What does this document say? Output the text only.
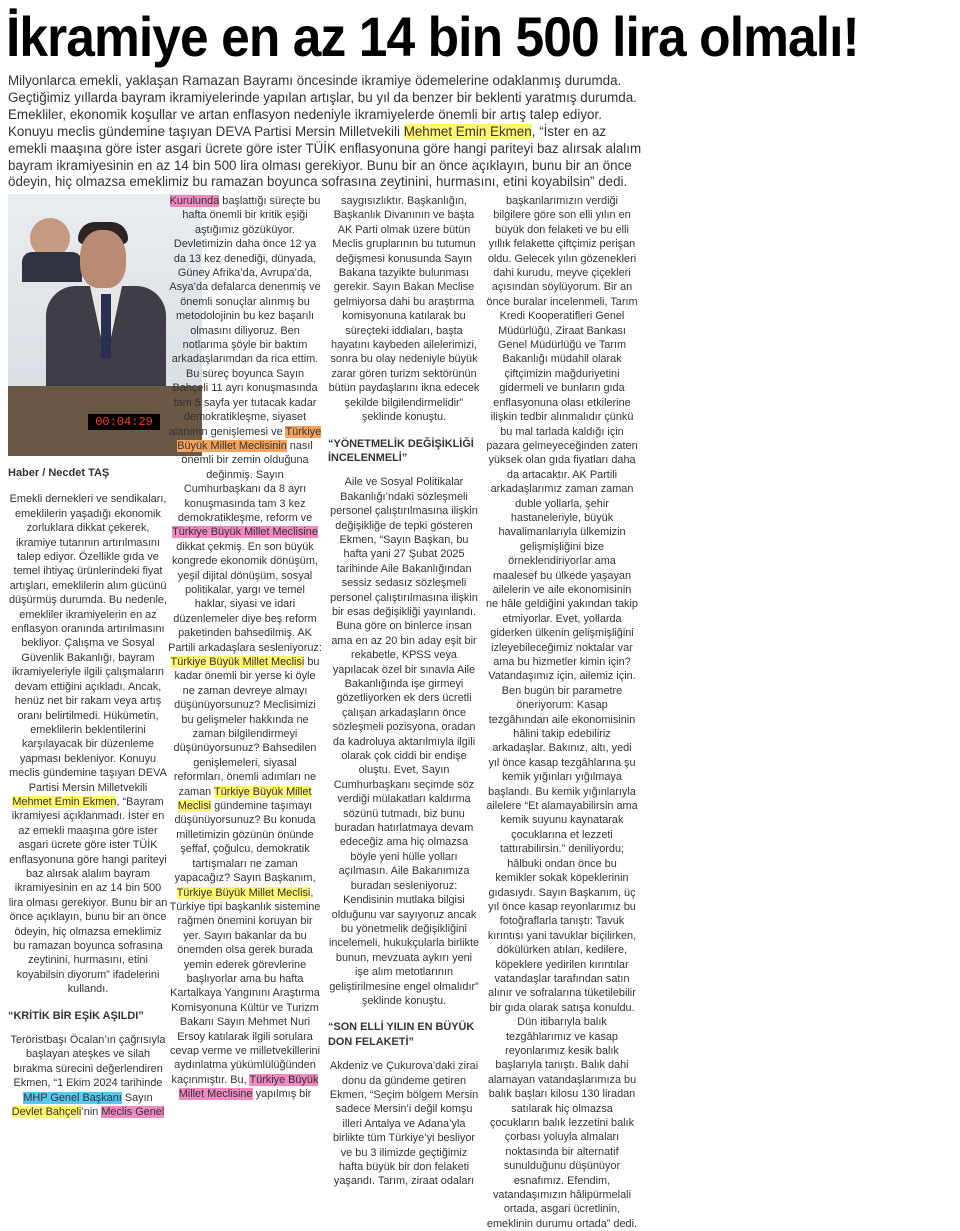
İkramiye en az 14 bin 500 lira olmalı!

Milyonlarca emekli, yaklaşan Ramazan Bayramı öncesinde ikramiye ödemelerine odaklanmış durumda. Geçtiğimiz yıllarda bayram ikramiyelerinde yapılan artışlar, bu yıl da benzer bir beklenti yaratmış durumda. Emekliler, ekonomik koşullar ve artan enflasyon nedeniyle ikramiyelerde önemli bir artış talep ediyor. Konuyu meclis gündemine taşıyan DEVA Partisi Mersin Milletvekili Mehmet Emin Ekmen, “İster en az emekli maaşına göre ister asgari ücrete göre ister TÜİK enflasyonuna göre hangi pariteyi baz alırsak alalım bayram ikramiyesinin en az 14 bin 500 lira olması gerekiyor. Bunu bir an önce açıklayın, bunu bir an önce ödeyin, hiç olmazsa emeklimiz bu ramazan boyunca sofrasına zeytinini, hurmasını, etini koyabilsin” dedi.

00:04:29

Haber / Necdet TAŞ

Emekli dernekleri ve sendikaları, emeklilerin yaşadığı ekonomik zorluklara dikkat çekerek, ikramiye tutarının artırılmasını talep ediyor. Özellikle gıda ve temel ihtiyaç ürünlerindeki fiyat artışları, emeklilerin alım gücünü düşürmüş durumda. Bu nedenle, emekliler ikramiyelerin en az enflasyon oranında artırılmasını bekliyor. Çalışma ve Sosyal Güvenlik Bakanlığı, bayram ikramiyeleriyle ilgili çalışmaların devam ettiğini açıkladı. Ancak, henüz net bir rakam veya artış oranı belirtilmedi. Hükümetin, emeklilerin beklentilerini karşılayacak bir düzenleme yapması bekleniyor. Konuyu meclis gündemine taşıyan DEVA Partisi Mersin Milletvekili Mehmet Emin Ekmen, “Bayram ikramiyesi açıklanmadı. İster en az emekli maaşına göre ister asgari ücrete göre ister TÜİK enflasyonuna göre hangi pariteyi baz alırsak alalım bayram ikramiyesinin en az 14 bin 500 lira olması gerekiyor. Bunu bir an önce açıklayın, bunu bir an önce ödeyin, hiç olmazsa emeklimiz bu ramazan boyunca sofrasına zeytinini, hurmasını, etini koyabilsin diyorum” ifadelerini kullandı.

“KRİTİK BİR EŞİK AŞILDI”

Teröristbaşı Öcalan’ın çağrısıyla başlayan ateşkes ve silah bırakma sürecini değerlendiren Ekmen, “1 Ekim 2024 tarihinde MHP Genel Başkanı Sayın Devlet Bahçeli’nin Meclis Genel

Kurulunda başlattığı süreçte bu hafta önemli bir kritik eşiği aştığımız gözüküyor. Devletimizin daha önce 12 ya da 13 kez denediği, dünyada, Güney Afrika’da, Avrupa’da, Asya’da defalarca denenmiş ve önemli sonuçlar alınmış bu metodolojinin bu kez başarılı olmasını diliyoruz. Ben notlarıma şöyle bir baktım arkadaşlarımdan da rica ettim. Bu süreç boyunca Sayın Bahçeli 11 ayrı konuşmasında tam 5 sayfa yer tutacak kadar demokratikleşme, siyaset alanının genişlemesi ve Türkiye Büyük Millet Meclisinin nasıl önemli bir zemin olduğuna değinmiş. Sayın Cumhurbaşkanı da 8 ayrı konuşmasında tam 3 kez demokratikleşme, reform ve Türkiye Büyük Millet Meclisine dikkat çekmiş. En son büyük kongrede ekonomik dönüşüm, yeşil dijital dönüşüm, sosyal politikalar, yargı ve temel haklar, siyasi ve idari düzenlemeler diye beş reform paketinden bahsedilmiş. AK Partili arkadaşlara sesleniyoruz: Türkiye Büyük Millet Meclisi bu kadar önemli bir yerse ki öyle ne zaman devreye almayı düşünüyorsunuz? Meclisimizi bu gelişmeler hakkında ne zaman bilgilendirmeyi düşünüyorsunuz? Bahsedilen genişlemeleri, siyasal reformları, önemli adımları ne zaman Türkiye Büyük Millet Meclisi gündemine taşımayı düşünüyorsunuz? Bu konuda milletimizin gözünün önünde şeffaf, çoğulcu, demokratik tartışmaları ne zaman yapacağız? Sayın Başkanım, Türkiye Büyük Millet Meclisi, Türkiye tipi başkanlık sistemine rağmen önemini koruyan bir yer. Sayın bakanlar da bu önemden olsa gerek burada yemin ederek görevlerine başlıyorlar ama bu hafta Kartalkaya Yangınını Araştırma Komisyonuna Kültür ve Turizm Bakanı Sayın Mehmet Nuri Ersoy katılarak ilgili sorulara cevap verme ve milletvekillerini aydınlatma yükümlülüğünden kaçınmıştır. Bu, Türkiye Büyük Millet Meclisine yapılmış bir

saygısızlıktır. Başkanlığın, Başkanlık Divanının ve başta AK Parti olmak üzere bütün Meclis gruplarının bu tutumun değişmesi konusunda Sayın Bakana tazyikte bulunması gerekir. Sayın Bakan Meclise gelmiyorsa dahi bu araştırma komisyonuna katılarak bu süreçteki iddiaları, başta hayatını kaybeden ailelerimizi, sonra bu olay nedeniyle büyük zarar gören turizm sektörünün bütün paydaşlarını ikna edecek şekilde bilgilendirmelidir” şeklinde konuştu.

“YÖNETMELİK DEĞİŞİKLİĞİ İNCELENMELİ”

Aile ve Sosyal Politikalar Bakanlığı’ndaki sözleşmeli personel çalıştırılmasına ilişkin değişikliğe de tepki gösteren Ekmen, “Sayın Başkan, bu hafta yani 27 Şubat 2025 tarihinde Aile Bakanlığından sessiz sedasız sözleşmeli personel çalıştırılmasına ilişkin bir esas değişikliği yayınlandı. Buna göre on binlerce insan ama en az 20 bin aday eşit bir rekabetle, KPSS veya yapılacak özel bir sınavla Aile Bakanlığında işe girmeyi gözetliyorken ek ders ücretli çalışan arkadaşların önce sözleşmeli pozisyona, oradan da kadroluya aktarılmıyla ilgili olarak çok ciddi bir endişe oluştu. Evet, Sayın Cumhurbaşkanı seçimde söz verdiği mülakatları kaldırma sözünü tutmadı, biz bunu buradan hatırlatmaya devam edeceğiz ama hiç olmazsa böyle yeni hülle yolları açılmasın. Aile Bakanımıza buradan sesleniyoruz: Kendisinin mutlaka bilgisi olduğunu var sayıyoruz ancak bu yönetmelik değişikliğini incelemeli, hukukçularla birlikte bunun, mevzuata aykırı yeni işe alım metotlarının geliştirilmesine engel olmalıdır” şeklinde konuştu.

“SON ELLİ YILIN EN BÜYÜK DON FELAKETİ”

Akdeniz ve Çukurova’daki zirai donu da gündeme getiren Ekmen, “Seçim bölgem Mersin sadece Mersin’i değil komşu illeri Antalya ve Adana’yla birlikte tüm Türkiye’yi besliyor ve bu 3 ilimizde geçtiğimiz hafta büyük bir don felaketi yaşandı. Tarım, ziraat odaları

başkanlarımızın verdiği bilgilere göre son elli yılın en büyük don felaketi ve bu elli yıllık felakette çiftçimiz perişan oldu. Gelecek yılın gözenekleri dahi kurudu, meyve çiçekleri açısından söylüyorum. Bir an önce buralar incelenmeli, Tarım Kredi Kooperatifleri Genel Müdürlüğü, Ziraat Bankası Genel Müdürlüğü ve Tarım Bakanlığı müdahil olarak çiftçimizin mağduriyetini gidermeli ve bunların gıda enflasyonuna olası etkilerine ilişkin tedbir alınmalıdır çünkü bu mal tarlada kaldığı için pazara gelmeyeceğinden zaten yüksek olan gıda fiyatları daha da artacaktır. AK Partili arkadaşlarımız zaman zaman duble yollarla, şehir hastaneleriyle, büyük havalimanlarıyla ülkemizin gelişmişliğini bize örneklendiriyorlar ama maalesef bu ülkede yaşayan ailelerin ve aile ekonomisinin ne hâle geldiğini yakından takip etmiyorlar. Evet, yollarda giderken ülkenin gelişmişliğini izleyebileceğimiz noktalar var ama bu hizmetler kimin için? Vatandaşımız için, ailemiz için. Ben bugün bir parametre öneriyorum: Kasap tezgâhından aile ekonomisinin hâlini takip edebiliriz arkadaşlar. Bakınız, altı, yedi yıl önce kasap tezgâhlarına şu kemik yığınları yığılmaya başlandı. Bu kemik yığınlarıyla ailelere “Et alamayabilirsin ama kemik suyunu kaynatarak çocuklarına et lezzeti tattırabilirsin.” deniliyordu; hâlbuki ondan önce bu kemikler sokak köpeklerinin gıdasıydı. Sayın Başkanım, üç yıl önce kasap reyonlarımız bu fotoğraflarla tanıştı: Tavuk kırıntısı yani tavuklar biçilirken, dökülürken atılan, kedilere, köpeklere yedirilen kırıntılar vatandaşlar tarafından satın alınır ve sofralarına tüketilebilir bir gıda olarak satışa konuldu. Dün itibarıyla balık tezgâhlarımız ve kasap reyonlarımız kesik balık başlarıyla tanıştı. Balık dahi alamayan vatandaşlarımıza bu balık başları kilosu 130 liradan satılarak hiç olmazsa çocukların balık lezzetini balık çorbası yoluyla almaları noktasında bir alternatif sunulduğunu düşünüyor esnafımız. Efendim, vatandaşımızın hâlipürmelali ortada, asgari ücretlinin, emeklinin durumu ortada” dedi.
